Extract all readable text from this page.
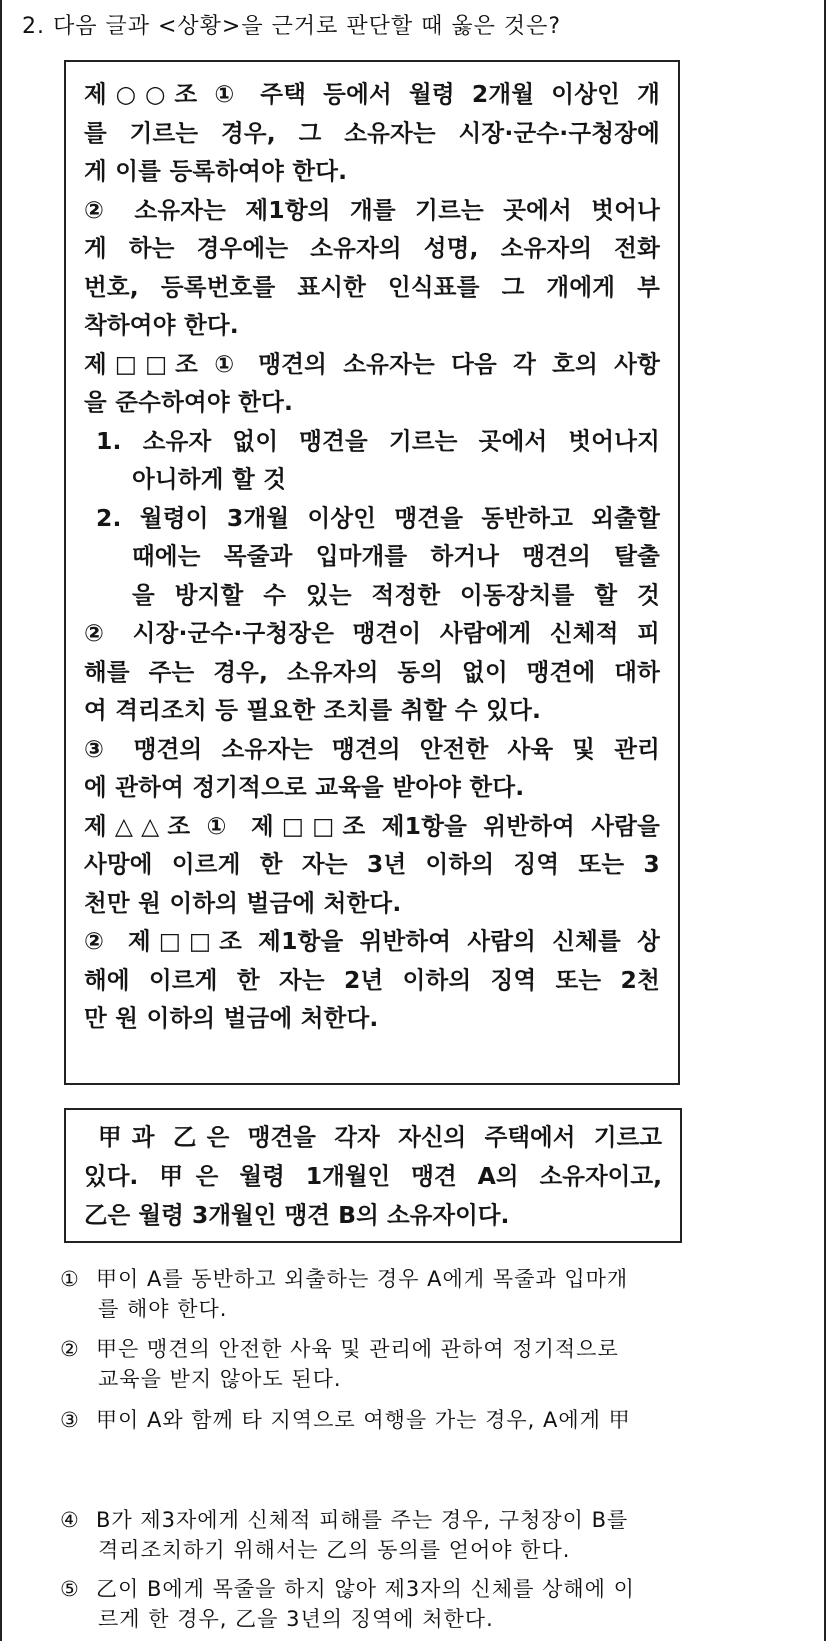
2. 다음 글과 <상황>을 근거로 판단할 때 옳은 것은?
제○○조 ① 주택 등에서 월령 2개월 이상인 개
를 기르는 경우, 그 소유자는 시장·군수·구청장에
게 이를 등록하여야 한다.
② 소유자는 제1항의 개를 기르는 곳에서 벗어나
게 하는 경우에는 소유자의 성명, 소유자의 전화
번호, 등록번호를 표시한 인식표를 그 개에게 부
착하여야 한다.
제□□조 ① 맹견의 소유자는 다음 각 호의 사항
을 준수하여야 한다.
1. 소유자 없이 맹견을 기르는 곳에서 벗어나지
아니하게 할 것
2. 월령이 3개월 이상인 맹견을 동반하고 외출할
때에는 목줄과 입마개를 하거나 맹견의 탈출
을 방지할 수 있는 적정한 이동장치를 할 것
② 시장·군수·구청장은 맹견이 사람에게 신체적 피
해를 주는 경우, 소유자의 동의 없이 맹견에 대하
여 격리조치 등 필요한 조치를 취할 수 있다.
③ 맹견의 소유자는 맹견의 안전한 사육 및 관리
에 관하여 정기적으로 교육을 받아야 한다.
제△△조 ① 제□□조 제1항을 위반하여 사람을
사망에 이르게 한 자는 3년 이하의 징역 또는 3
천만 원 이하의 벌금에 처한다.
② 제□□조 제1항을 위반하여 사람의 신체를 상
해에 이르게 한 자는 2년 이하의 징역 또는 2천
만 원 이하의 벌금에 처한다.
甲과 乙은 맹견을 각자 자신의 주택에서 기르고
있다. 甲은 월령 1개월인 맹견 A의 소유자이고,
乙은 월령 3개월인 맹견 B의 소유자이다.
① 甲이 A를 동반하고 외출하는 경우 A에게 목줄과 입마개
를 해야 한다.
② 甲은 맹견의 안전한 사육 및 관리에 관하여 정기적으로
교육을 받지 않아도 된다.
③ 甲이 A와 함께 타 지역으로 여행을 가는 경우, A에게 甲
④ B가 제3자에게 신체적 피해를 주는 경우, 구청장이 B를
격리조치하기 위해서는 乙의 동의를 얻어야 한다.
⑤ 乙이 B에게 목줄을 하지 않아 제3자의 신체를 상해에 이
르게 한 경우, 乙을 3년의 징역에 처한다.
